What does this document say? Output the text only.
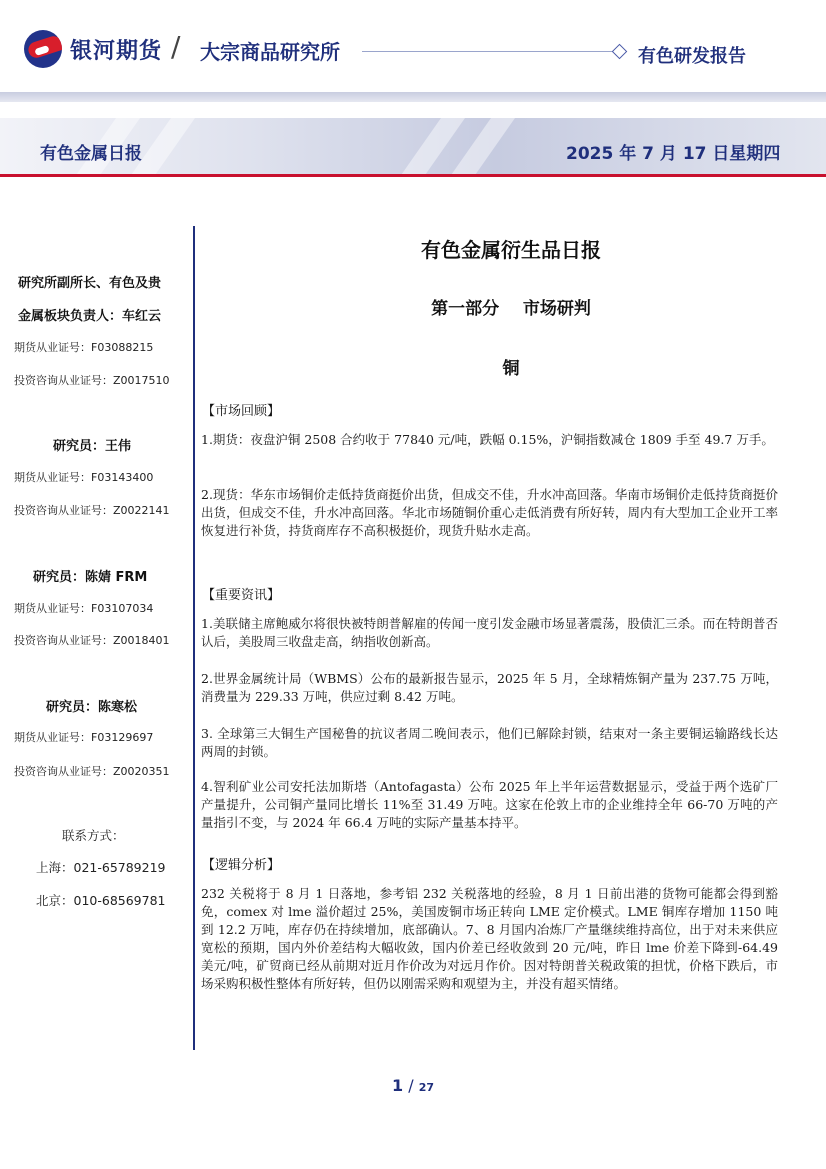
银河期货 / 大宗商品研究所	有色研发报告
有色金属日报	2025 年 7 月 17 日星期四
研究所副所长、有色及贵
金属板块负责人：车红云
期货从业证号：F03088215
投资咨询从业证号：Z0017510
研究员：王伟
期货从业证号：F03143400
投资咨询从业证号：Z0022141
研究员：陈婧 FRM
期货从业证号：F03107034
投资咨询从业证号：Z0018401
研究员：陈寒松
期货从业证号：F03129697
投资咨询从业证号：Z0020351
联系方式：
上海：021-65789219
北京：010-68569781
有色金属衍生品日报
第一部分    市场研判
铜
【市场回顾】

1.期货：夜盘沪铜 2508 合约收于 77840 元/吨，跌幅 0.15%，沪铜指数减仓 1809 手至 49.7 万手。

2.现货：华东市场铜价走低持货商挺价出货，但成交不佳，升水冲高回落。华南市场铜价走低持货商挺价出货，但成交不佳，升水冲高回落。华北市场随铜价重心走低消费有所好转，周内有大型加工企业开工率恢复进行补货，持货商库存不高积极挺价，现货升贴水走高。

【重要资讯】

1.美联储主席鲍威尔将很快被特朗普解雇的传闻一度引发金融市场显著震荡，股债汇三杀。而在特朗普否认后，美股周三收盘走高，纳指收创新高。

2.世界金属统计局（WBMS）公布的最新报告显示，2025 年 5 月，全球精炼铜产量为 237.75 万吨，消费量为 229.33 万吨，供应过剩 8.42 万吨。

3. 全球第三大铜生产国秘鲁的抗议者周二晚间表示，他们已解除封锁，结束对一条主要铜运输路线长达两周的封锁。

4.智利矿业公司安托法加斯塔（Antofagasta）公布 2025 年上半年运营数据显示，受益于两个选矿厂产量提升，公司铜产量同比增长 11%至 31.49 万吨。这家在伦敦上市的企业维持全年 66-70 万吨的产量指引不变，与 2024 年 66.4 万吨的实际产量基本持平。

【逻辑分析】

232 关税将于 8 月 1 日落地，参考铝 232 关税落地的经验，8 月 1 日前出港的货物可能都会得到豁免，comex 对 lme 溢价超过 25%，美国废铜市场正转向 LME 定价模式。LME 铜库存增加 1150 吨到 12.2 万吨，库存仍在持续增加，底部确认。7、8 月国内冶炼厂产量继续维持高位，出于对未来供应宽松的预期，国内外价差结构大幅收敛，国内价差已经收敛到 20 元/吨，昨日 lme 价差下降到-64.49 美元/吨，矿贸商已经从前期对近月作价改为对远月作价。因对特朗普关税政策的担忧，价格下跌后，市场采购积极性整体有所好转，但仍以刚需采购和观望为主，并没有超买情绪。

1 / 27
